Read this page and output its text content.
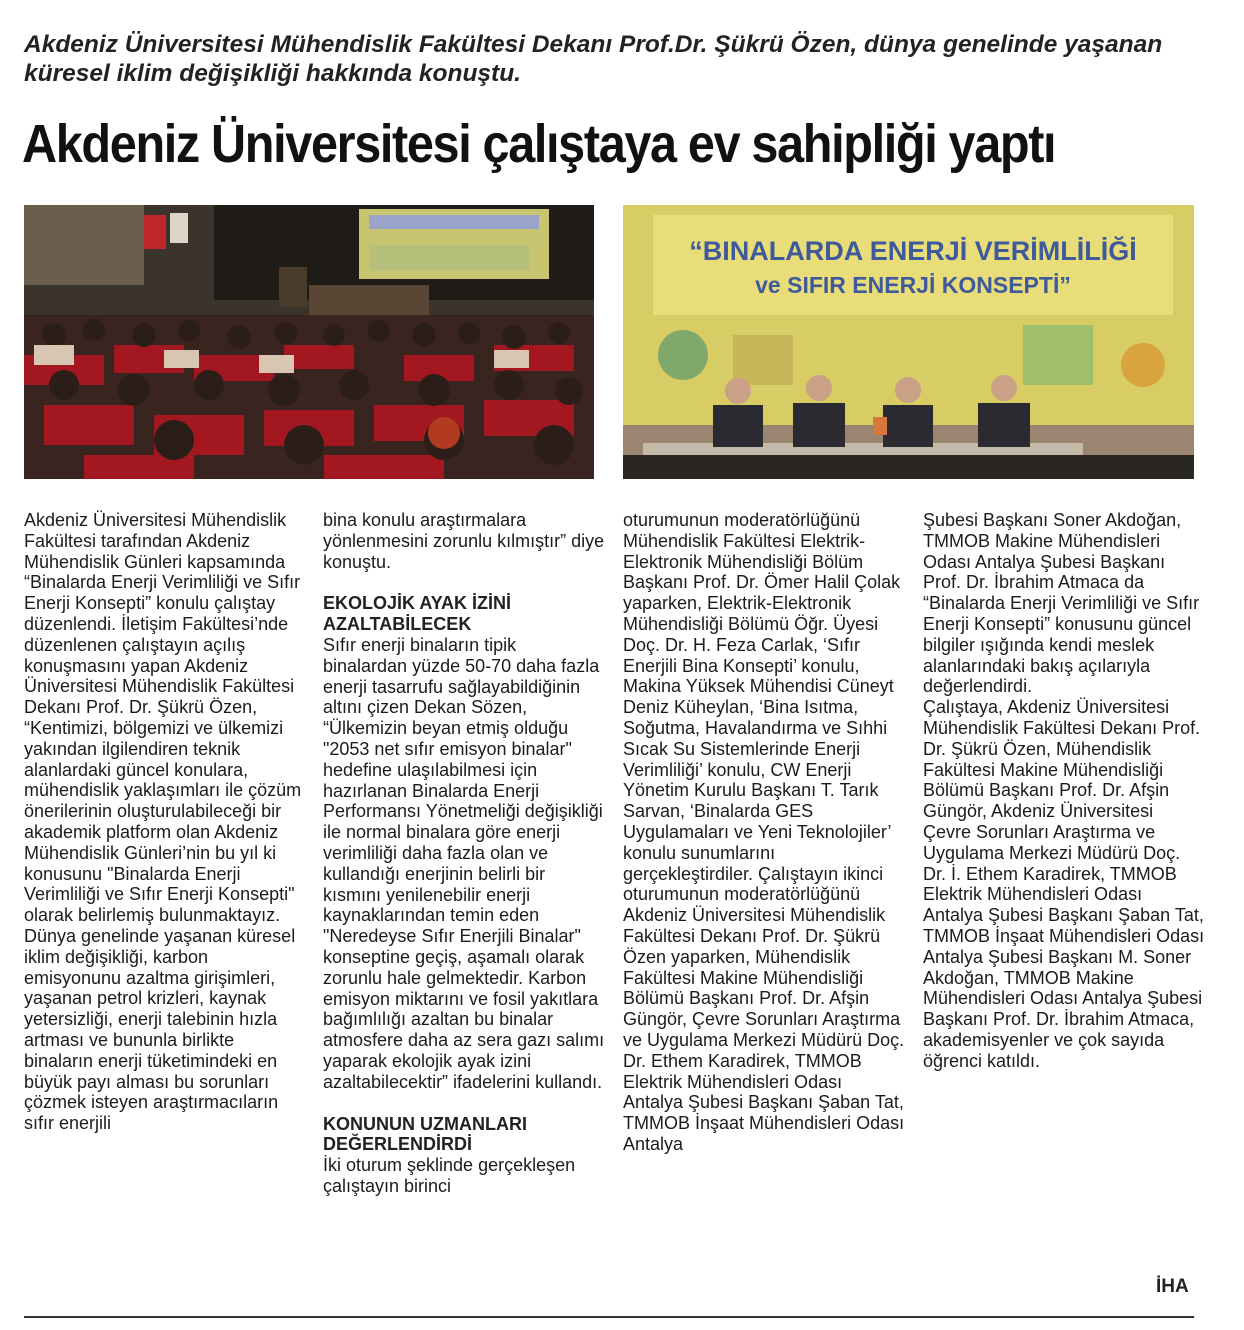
Akdeniz Üniversitesi Mühendislik Fakültesi Dekanı Prof.Dr. Şükrü Özen, dünya genelinde yaşanan küresel iklim değişikliği hakkında konuştu.

Akdeniz Üniversitesi çalıştaya ev sahipliği yaptı
“BINALARDA ENERJİ VERİMLİLİĞİ
ve SIFIR ENERJİ KONSEPTİ”

Akdeniz Üniversitesi Mühendislik Fakültesi tarafından Akdeniz Mühendislik Günleri kapsamında “Binalarda Enerji Verimliliği ve Sıfır Enerji Konsepti” konulu çalıştay düzenlendi. İletişim Fakültesi’nde düzenlenen çalıştayın açılış konuşmasını yapan Akdeniz Üniversitesi Mühendislik Fakültesi Dekanı Prof. Dr. Şükrü Özen, “Kentimizi, bölgemizi ve ülkemizi yakından ilgilendiren teknik alanlardaki güncel konulara, mühendislik yaklaşımları ile çözüm önerilerinin oluşturulabileceği bir akademik platform olan Akdeniz Mühendislik Günleri’nin bu yıl ki konusunu "Binalarda Enerji Verimliliği ve Sıfır Enerji Konsepti" olarak belirlemiş bulunmaktayız. Dünya genelinde yaşanan küresel iklim değişikliği, karbon emisyonunu azaltma girişimleri, yaşanan petrol krizleri, kaynak yetersizliği, enerji talebinin hızla artması ve bununla birlikte binaların enerji tüketimindeki en büyük payı alması bu sorunları çözmek isteyen araştırmacıların sıfır enerjili

bina konulu araştırmalara yönlenmesini zorunlu kılmıştır” diye konuştu.

EKOLOJİK AYAK İZİNİ AZALTABİLECEK

Sıfır enerji binaların tipik binalardan yüzde 50-70 daha fazla enerji tasarrufu sağlayabildiğinin altını çizen Dekan Sözen, “Ülkemizin beyan etmiş olduğu "2053 net sıfır emisyon binalar" hedefine ulaşılabilmesi için hazırlanan Binalarda Enerji Performansı Yönetmeliği değişikliği ile normal binalara göre enerji verimliliği daha fazla olan ve kullandığı enerjinin belirli bir kısmını yenilenebilir enerji kaynaklarından temin eden "Neredeyse Sıfır Enerjili Binalar" konseptine geçiş, aşamalı olarak zorunlu hale gelmektedir. Karbon emisyon miktarını ve fosil yakıtlara bağımlılığı azaltan bu binalar atmosfere daha az sera gazı salımı yaparak ekolojik ayak izini azaltabilecektir” ifadelerini kullandı.

KONUNUN UZMANLARI DEĞERLENDİRDİ

İki oturum şeklinde gerçekleşen çalıştayın birinci

oturumunun moderatörlüğünü Mühendislik Fakültesi Elektrik-Elektronik Mühendisliği Bölüm Başkanı Prof. Dr. Ömer Halil Çolak yaparken, Elektrik-Elektronik Mühendisliği Bölümü Öğr. Üyesi Doç. Dr. H. Feza Carlak, ‘Sıfır Enerjili Bina Konsepti’ konulu, Makina Yüksek Mühendisi Cüneyt Deniz Küheylan, ‘Bina Isıtma, Soğutma, Havalandırma ve Sıhhi Sıcak Su Sistemlerinde Enerji Verimliliği’ konulu, CW Enerji Yönetim Kurulu Başkanı T. Tarık Sarvan, ‘Binalarda GES Uygulamaları ve Yeni Teknolojiler’ konulu sunumlarını gerçekleştirdiler. Çalıştayın ikinci oturumunun moderatörlüğünü Akdeniz Üniversitesi Mühendislik Fakültesi Dekanı Prof. Dr. Şükrü Özen yaparken, Mühendislik Fakültesi Makine Mühendisliği Bölümü Başkanı Prof. Dr. Afşin Güngör, Çevre Sorunları Araştırma ve Uygulama Merkezi Müdürü Doç. Dr. Ethem Karadirek, TMMOB Elektrik Mühendisleri Odası Antalya Şubesi Başkanı Şaban Tat, TMMOB İnşaat Mühendisleri Odası Antalya

Şubesi Başkanı Soner Akdoğan, TMMOB Makine Mühendisleri Odası Antalya Şubesi Başkanı Prof. Dr. İbrahim Atmaca da “Binalarda Enerji Verimliliği ve Sıfır Enerji Konsepti” konusunu güncel bilgiler ışığında kendi meslek alanlarındaki bakış açılarıyla değerlendirdi.

Çalıştaya, Akdeniz Üniversitesi Mühendislik Fakültesi Dekanı Prof. Dr. Şükrü Özen, Mühendislik Fakültesi Makine Mühendisliği Bölümü Başkanı Prof. Dr. Afşin Güngör, Akdeniz Üniversitesi Çevre Sorunları Araştırma ve Uygulama Merkezi Müdürü Doç. Dr. İ. Ethem Karadirek, TMMOB Elektrik Mühendisleri Odası Antalya Şubesi Başkanı Şaban Tat, TMMOB İnşaat Mühendisleri Odası Antalya Şubesi Başkanı M. Soner Akdoğan, TMMOB Makine Mühendisleri Odası Antalya Şubesi Başkanı Prof. Dr. İbrahim Atmaca, akademisyenler ve çok sayıda öğrenci katıldı.

İHA
